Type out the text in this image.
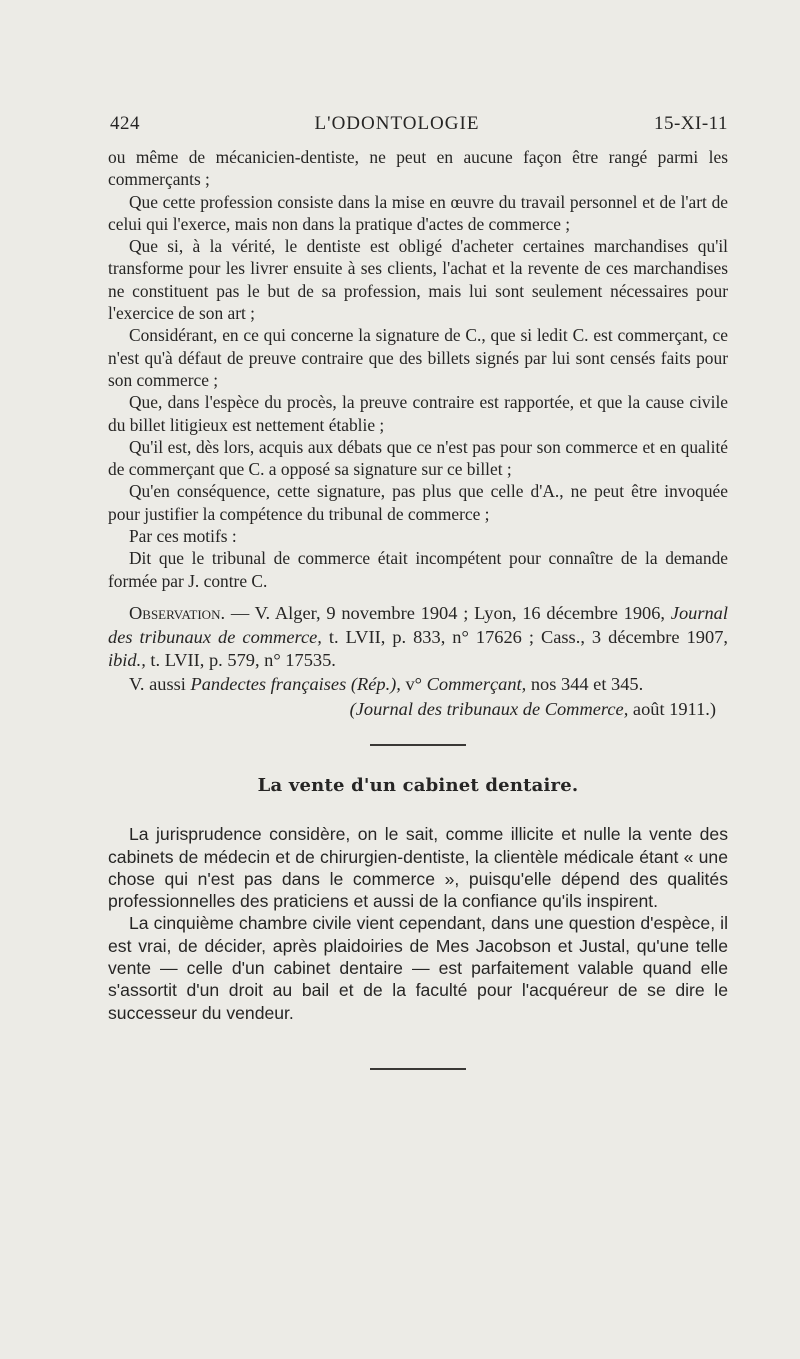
424	L'ODONTOLOGIE	15-XI-11

ou même de mécanicien-dentiste, ne peut en aucune façon être rangé parmi les commerçants ;

Que cette profession consiste dans la mise en œuvre du travail personnel et de l'art de celui qui l'exerce, mais non dans la pratique d'actes de commerce ;

Que si, à la vérité, le dentiste est obligé d'acheter certaines marchandises qu'il transforme pour les livrer ensuite à ses clients, l'achat et la revente de ces marchandises ne constituent pas le but de sa profession, mais lui sont seulement nécessaires pour l'exercice de son art ;

Considérant, en ce qui concerne la signature de C., que si ledit C. est commerçant, ce n'est qu'à défaut de preuve contraire que des billets signés par lui sont censés faits pour son commerce ;

Que, dans l'espèce du procès, la preuve contraire est rapportée, et que la cause civile du billet litigieux est nettement établie ;

Qu'il est, dès lors, acquis aux débats que ce n'est pas pour son commerce et en qualité de commerçant que C. a opposé sa signature sur ce billet ;

Qu'en conséquence, cette signature, pas plus que celle d'A., ne peut être invoquée pour justifier la compétence du tribunal de commerce ;

Par ces motifs :

Dit que le tribunal de commerce était incompétent pour connaître de la demande formée par J. contre C.

Observation. — V. Alger, 9 novembre 1904 ; Lyon, 16 décembre 1906, Journal des tribunaux de commerce, t. LVII, p. 833, n° 17626 ; Cass., 3 décembre 1907, ibid., t. LVII, p. 579, n° 17535.

V. aussi Pandectes françaises (Rép.), v° Commerçant, nos 344 et 345.

(Journal des tribunaux de Commerce, août 1911.)
La vente d'un cabinet dentaire.

La jurisprudence considère, on le sait, comme illicite et nulle la vente des cabinets de médecin et de chirurgien-dentiste, la clientèle médicale étant « une chose qui n'est pas dans le commerce », puisqu'elle dépend des qualités professionnelles des praticiens et aussi de la confiance qu'ils inspirent.

La cinquième chambre civile vient cependant, dans une question d'espèce, il est vrai, de décider, après plaidoiries de Mes Jacobson et Justal, qu'une telle vente — celle d'un cabinet dentaire — est parfaitement valable quand elle s'assortit d'un droit au bail et de la faculté pour l'acquéreur de se dire le successeur du vendeur.
